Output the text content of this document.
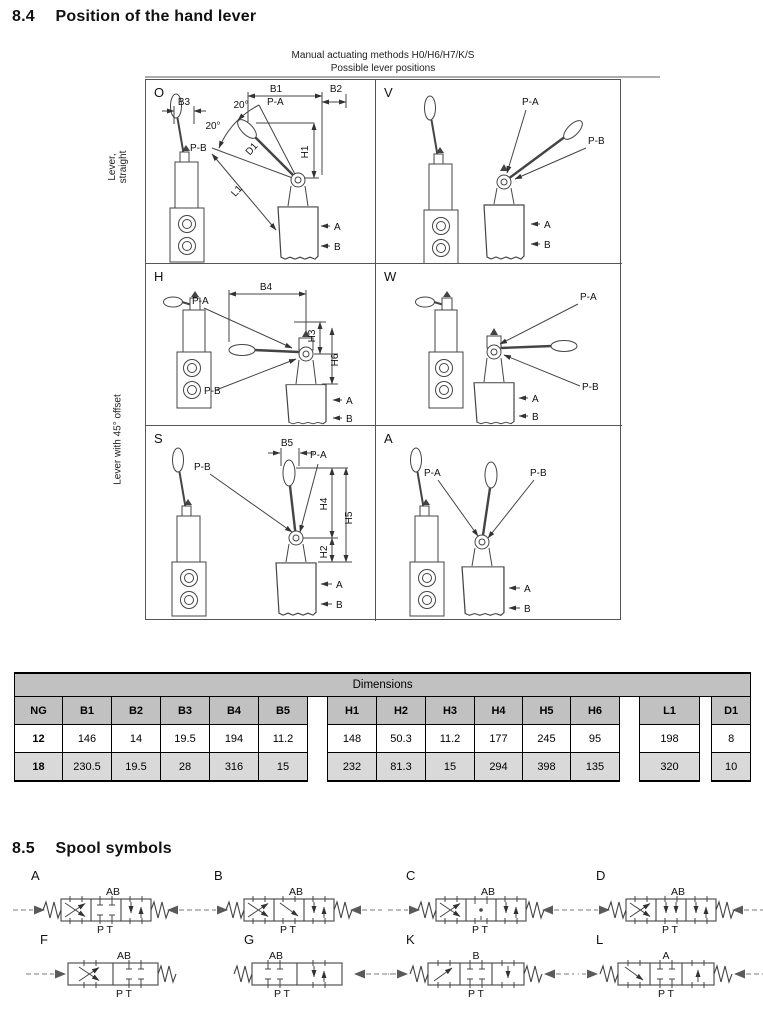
8.4 Position of the hand lever
Manual actuating methods H0/H6/H7/K/S
Possible lever positions
Lever, straight
Lever with 45° offset
O
B3	20°
20°
P-A
P-B
B1	B2
H1
D1
L1
A
B
V
P-A
P-B
A
B
H
B4
P-A
P-B
H3
H6
A
B
W
P-A
P-B
A
B
S	B5
P-B
P-A
H4
H5
H2
A
B
A
P-A	P-B
A
B
Dimensions																
NG	B1	B2	B3	B4	B5		H1	H2	H3	H4	H5	H6		L1		D1
12	146	14	19.5	194	11.2		148	50.3	11.2	177	245	95		198		8
18	230.5	19.5	28	316	15		232	81.3	15	294	398	135		320		10
8.5 Spool symbols
A
AB
P T
B
AB
P T
C
AB
P T
D
AB
P T
F
AB
P T
G
AB
P T
K
B
P T
L
A
P T
